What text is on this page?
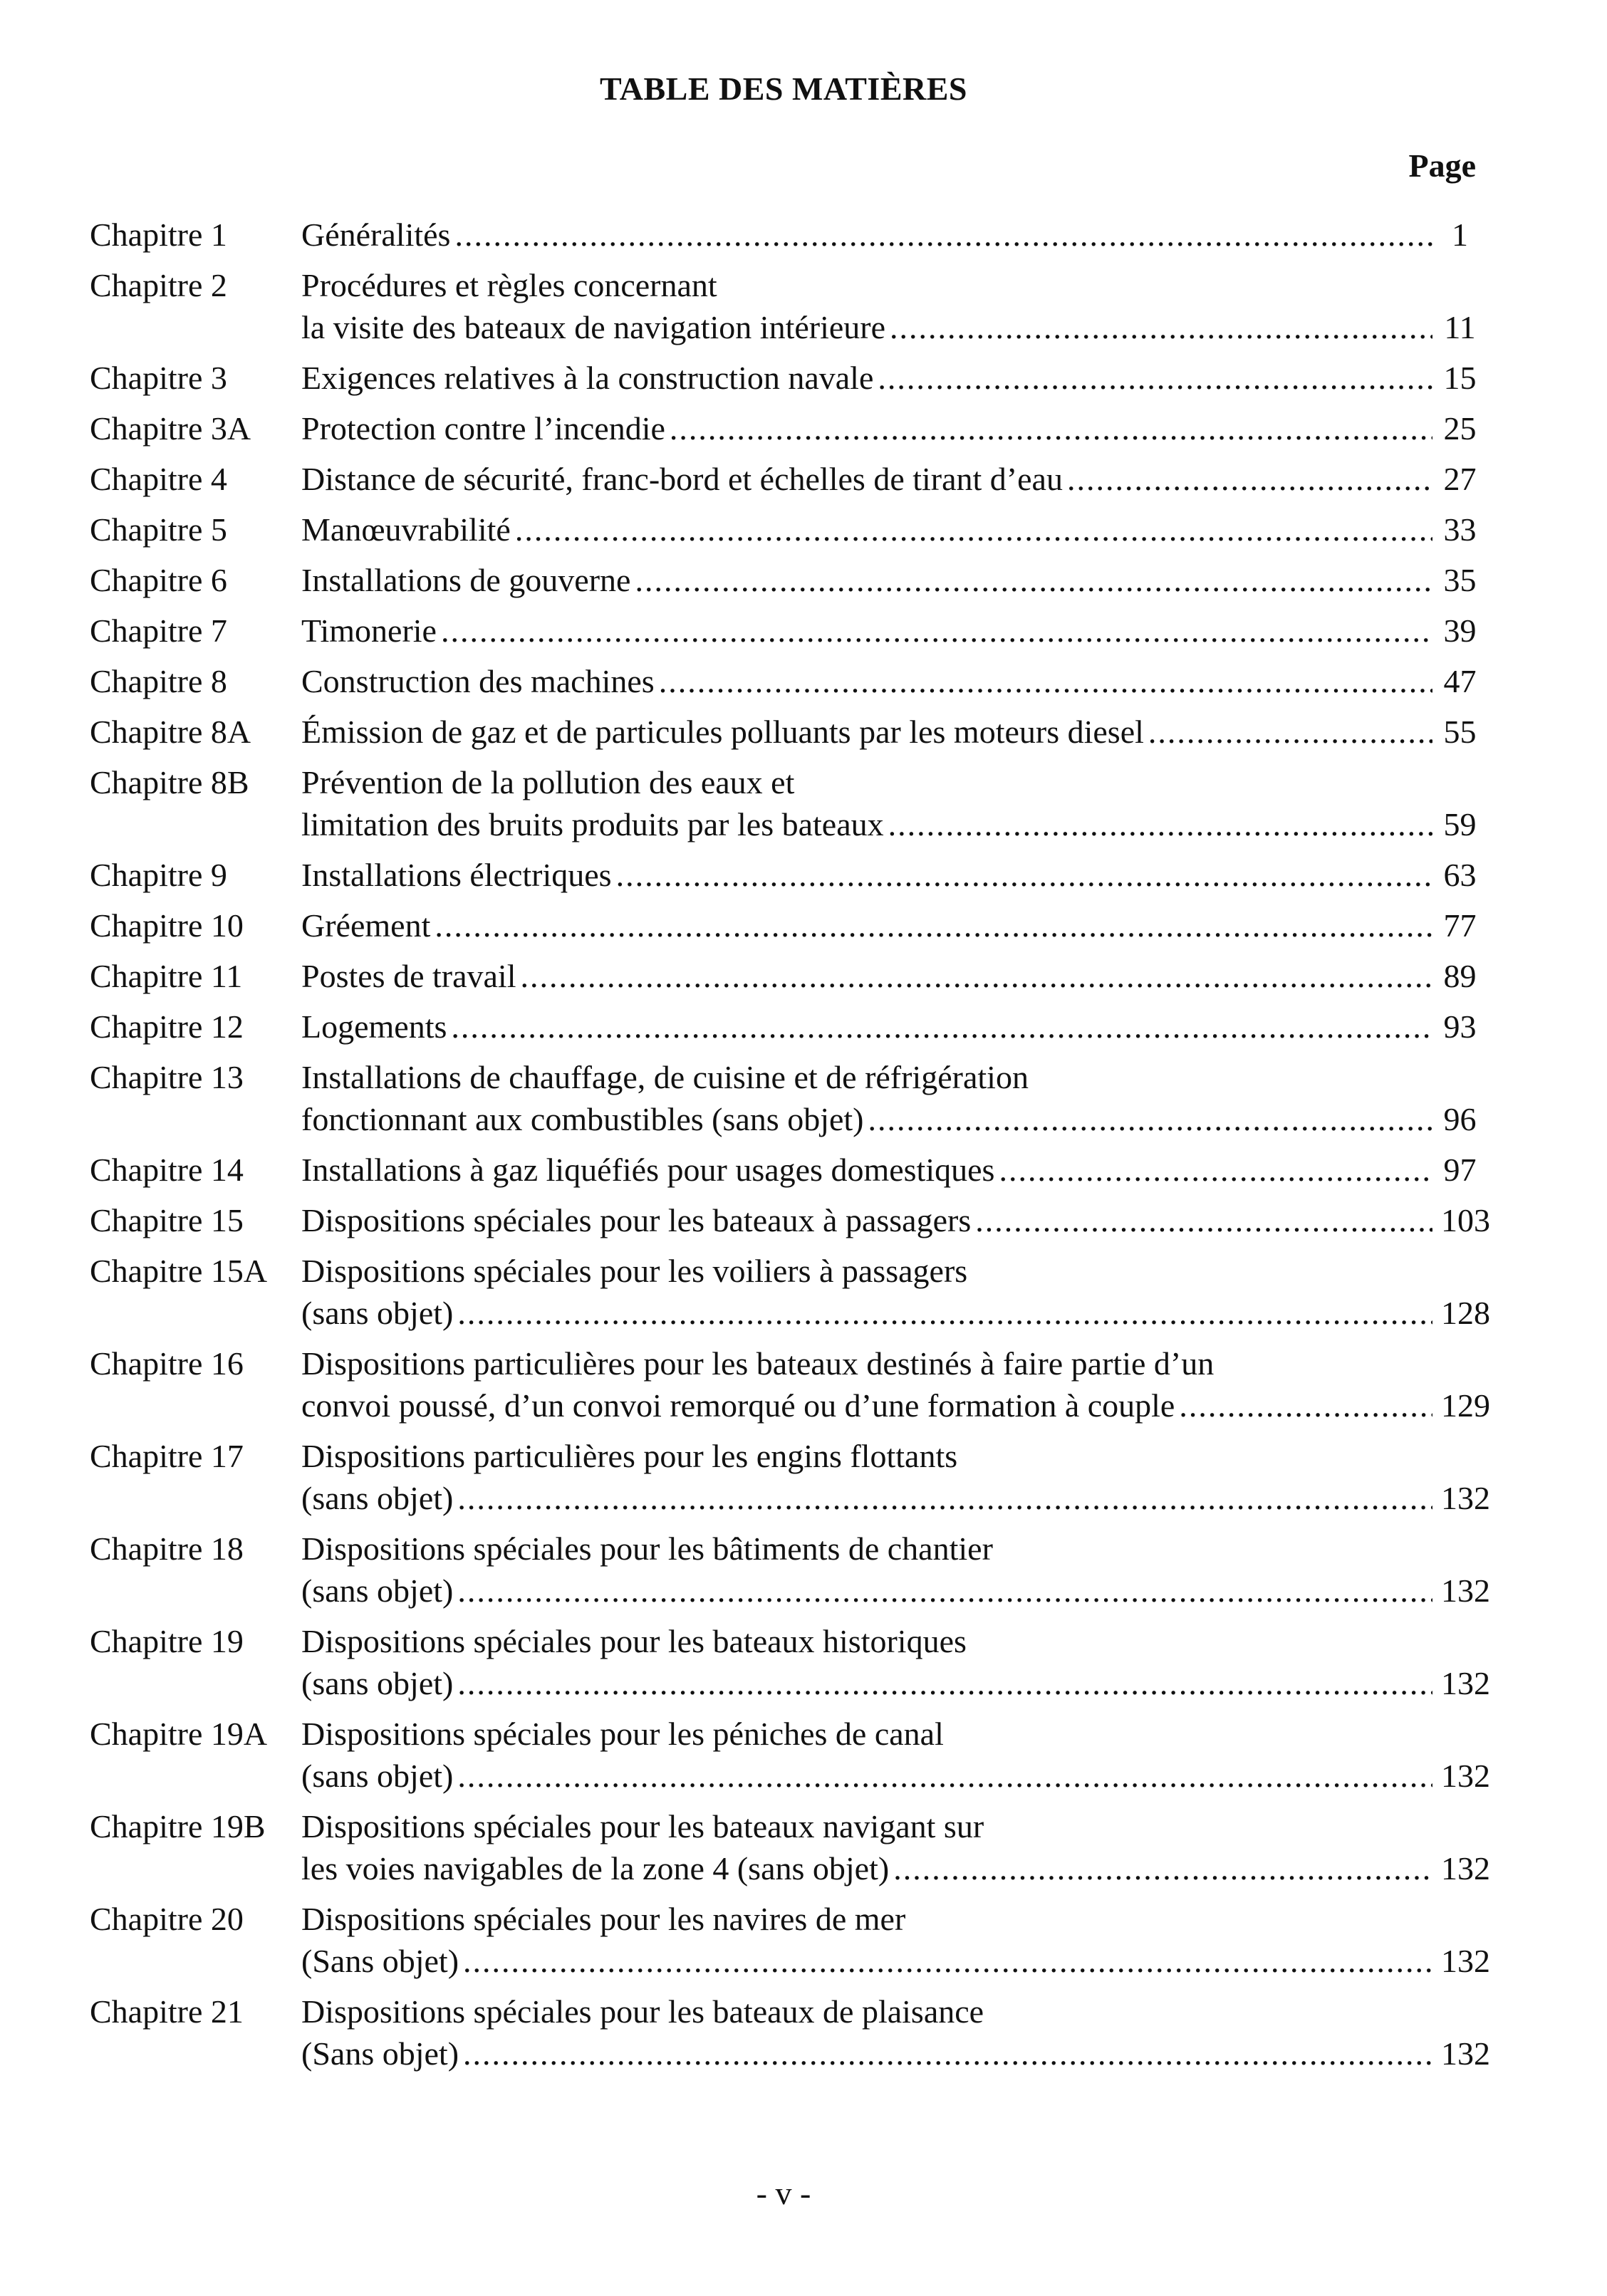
TABLE DES MATIÈRES
Page
Chapitre 1	Généralités .....	1
Chapitre 2	Procédures et règles concernant
la visite des bateaux de navigation intérieure .....	11
Chapitre 3	Exigences relatives à la construction navale .....	15
Chapitre 3A	Protection contre l’incendie .....	25
Chapitre 4	Distance de sécurité, franc-bord et échelles de tirant d’eau .....	27
Chapitre 5	Manœuvrabilité .....	33
Chapitre 6	Installations de gouverne .....	35
Chapitre 7	Timonerie .....	39
Chapitre 8	Construction des machines .....	47
Chapitre 8A	Émission de gaz et de particules polluants par les moteurs diesel .....	55
Chapitre 8B	Prévention de la pollution des eaux et
limitation des bruits produits par les bateaux .....	59
Chapitre 9	Installations électriques .....	63
Chapitre 10	Gréement .....	77
Chapitre 11	Postes de travail .....	89
Chapitre 12	Logements .....	93
Chapitre 13	Installations de chauffage, de cuisine et de réfrigération
fonctionnant aux combustibles (sans objet) .....	96
Chapitre 14	Installations à gaz liquéfiés pour usages domestiques .....	97
Chapitre 15	Dispositions spéciales pour les bateaux à passagers .....	103
Chapitre 15A	Dispositions spéciales pour les voiliers à passagers
(sans objet) .....	128
Chapitre 16	Dispositions particulières pour les bateaux destinés à faire partie d’un
convoi poussé, d’un convoi remorqué ou d’une formation à couple .....	129
Chapitre 17	Dispositions particulières pour les engins flottants
(sans objet) .....	132
Chapitre 18	Dispositions spéciales pour les bâtiments de chantier
(sans objet) .....	132
Chapitre 19	Dispositions spéciales pour les bateaux historiques
(sans objet) .....	132
Chapitre 19A	Dispositions spéciales pour les péniches de canal
(sans objet) .....	132
Chapitre 19B	Dispositions spéciales pour les bateaux navigant sur
les voies navigables de la zone 4 (sans objet) .....	132
Chapitre 20	Dispositions spéciales pour les navires de mer
(Sans objet) .....	132
Chapitre 21	Dispositions spéciales pour les bateaux de plaisance
(Sans objet) .....	132
- v -
